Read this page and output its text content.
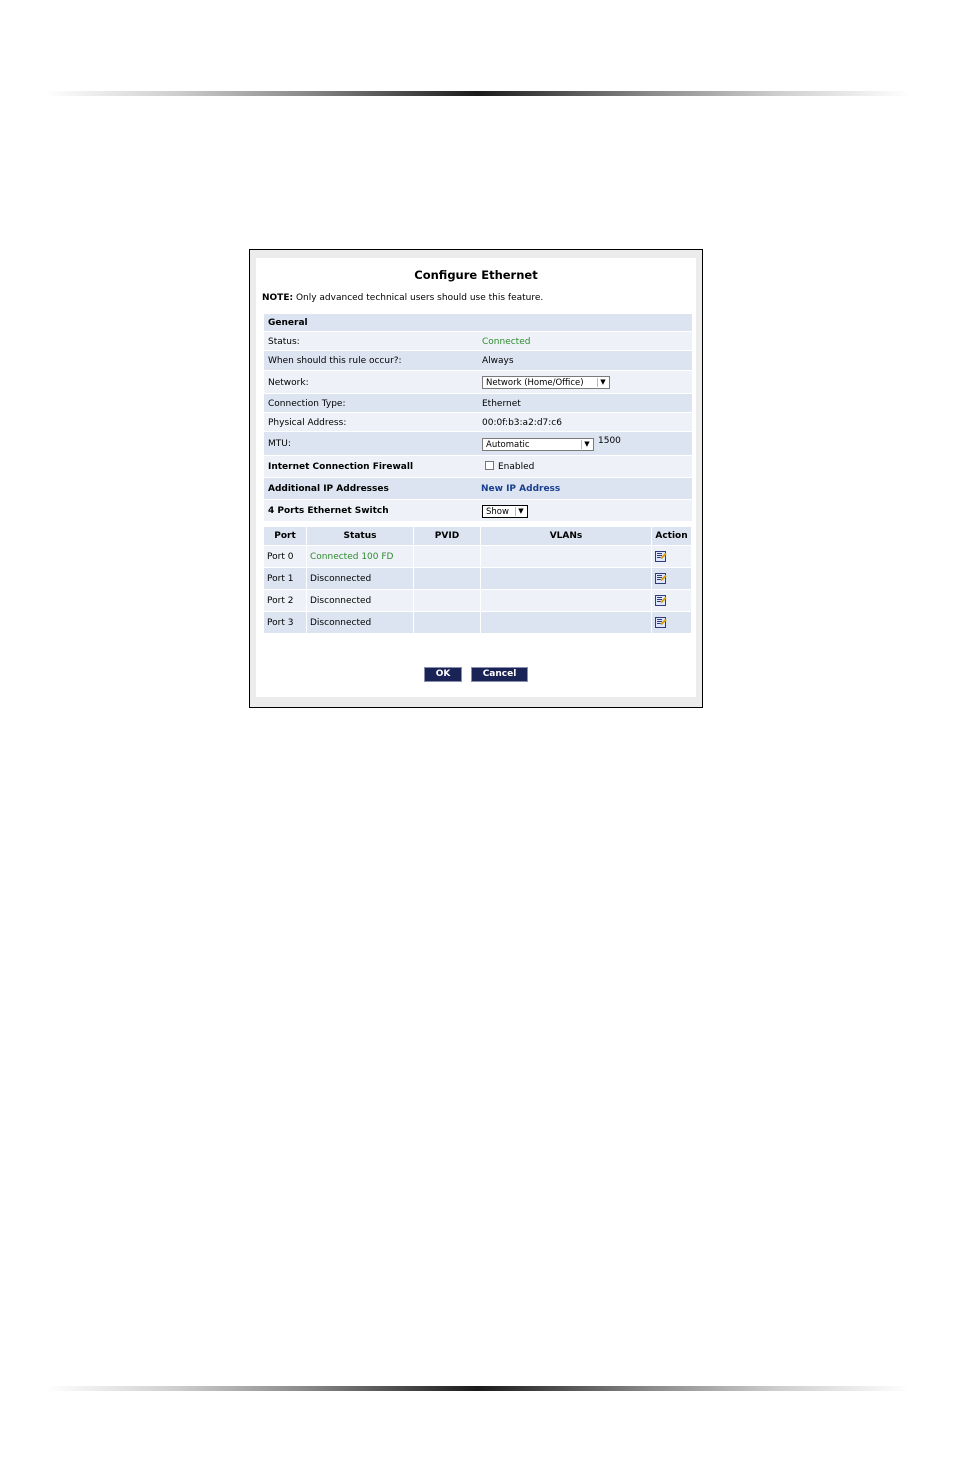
Configure Ethernet
NOTE: Only advanced technical users should use this feature.
General
Status:	Connected
When should this rule occur?:	Always
Network:	Network (Home/Office)	▼
Connection Type:	Ethernet
Physical Address:	00:0f:b3:a2:d7:c6
MTU:	Automatic	▼ 1500
Internet Connection Firewall	Enabled
Additional IP Addresses	New IP Address
4 Ports Ethernet Switch	Show	▼
Port	Status	PVID	VLANs	Action
Port 0	Connected 100 FD			

Port 1	Disconnected			

Port 2	Disconnected			

Port 3	Disconnected			
OK	Cancel
